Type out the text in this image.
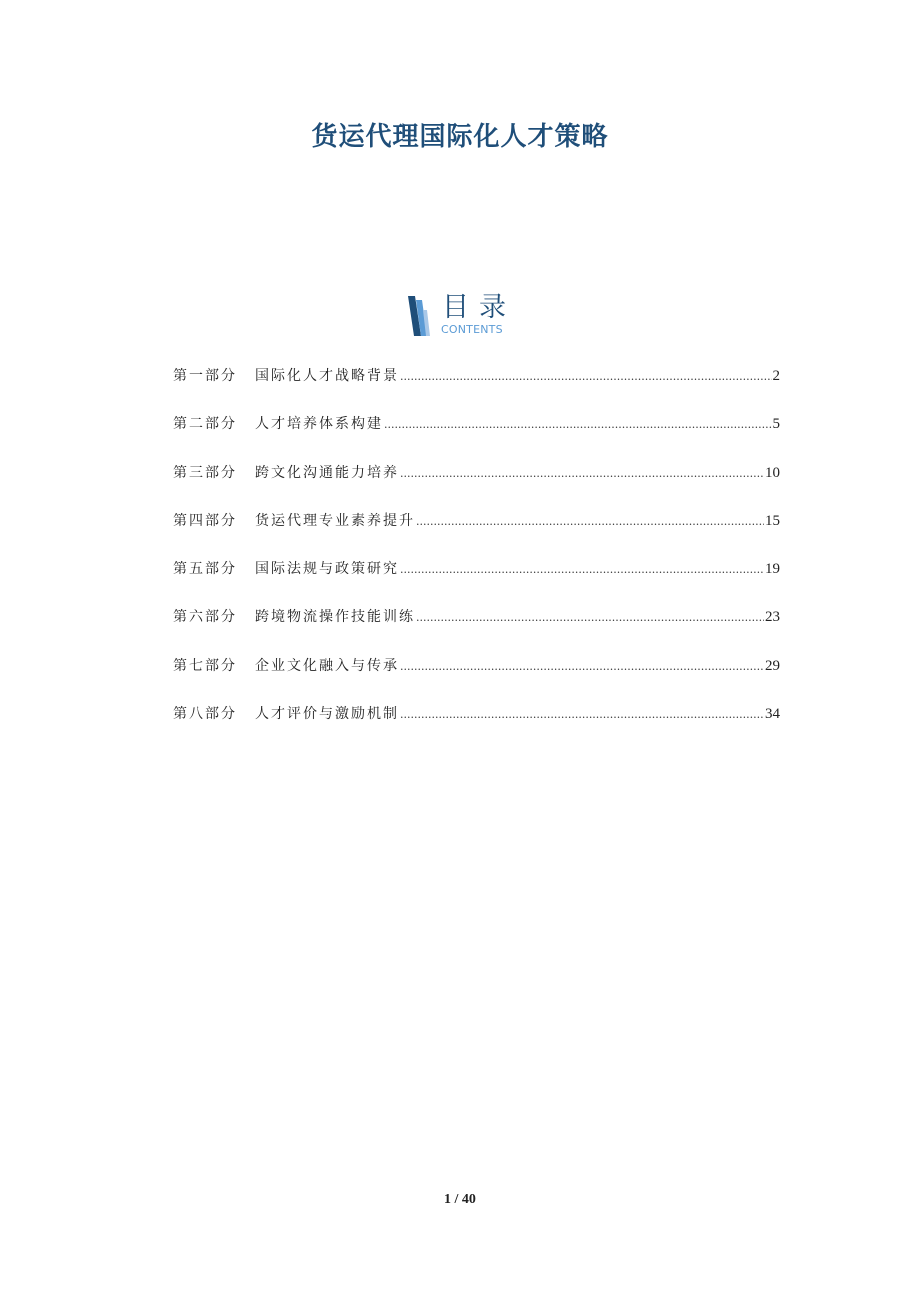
货运代理国际化人才策略
目录
CONTENTS
第一部分	国际化人才战略背景 .....	2
第二部分	人才培养体系构建 .....	5
第三部分	跨文化沟通能力培养 .....	10
第四部分	货运代理专业素养提升 .....	15
第五部分	国际法规与政策研究 .....	19
第六部分	跨境物流操作技能训练 .....	23
第七部分	企业文化融入与传承 .....	29
第八部分	人才评价与激励机制 .....	34
1 / 40
